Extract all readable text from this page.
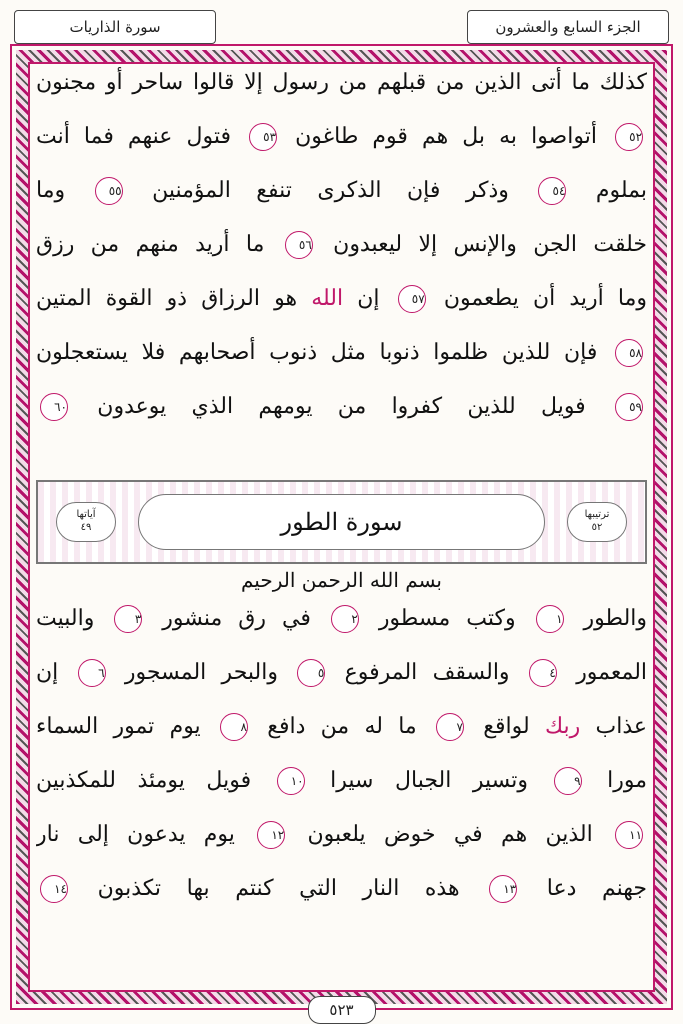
الجزء السابع والعشرون
سورة الذاريات
كذلك ما أتى الذين من قبلهم من رسول إلا قالوا ساحر أو مجنون
٥٢ أتواصوا به بل هم قوم طاغون ٥٣ فتول عنهم فما أنت
بملوم ٥٤ وذكر فإن الذكرى تنفع المؤمنين ٥٥ وما
خلقت الجن والإنس إلا ليعبدون ٥٦ ما أريد منهم من رزق
وما أريد أن يطعمون ٥٧ إن الله هو الرزاق ذو القوة المتين
٥٨ فإن للذين ظلموا ذنوبا مثل ذنوب أصحابهم فلا يستعجلون
٥٩ فويل للذين كفروا من يومهم الذي يوعدون ٦٠
ترتيبها
٥٢
سورة الطور
آياتها
٤٩
بسم الله الرحمن الرحيم
والطور ١ وكتب مسطور ٢ في رق منشور ٣ والبيت
المعمور ٤ والسقف المرفوع ٥ والبحر المسجور ٦ إن
عذاب ربك لواقع ٧ ما له من دافع ٨ يوم تمور السماء
مورا ٩ وتسير الجبال سيرا ١٠ فويل يومئذ للمكذبين
١١ الذين هم في خوض يلعبون ١٢ يوم يدعون إلى نار
جهنم دعا ١٣ هذه النار التي كنتم بها تكذبون ١٤
٥٢٣
